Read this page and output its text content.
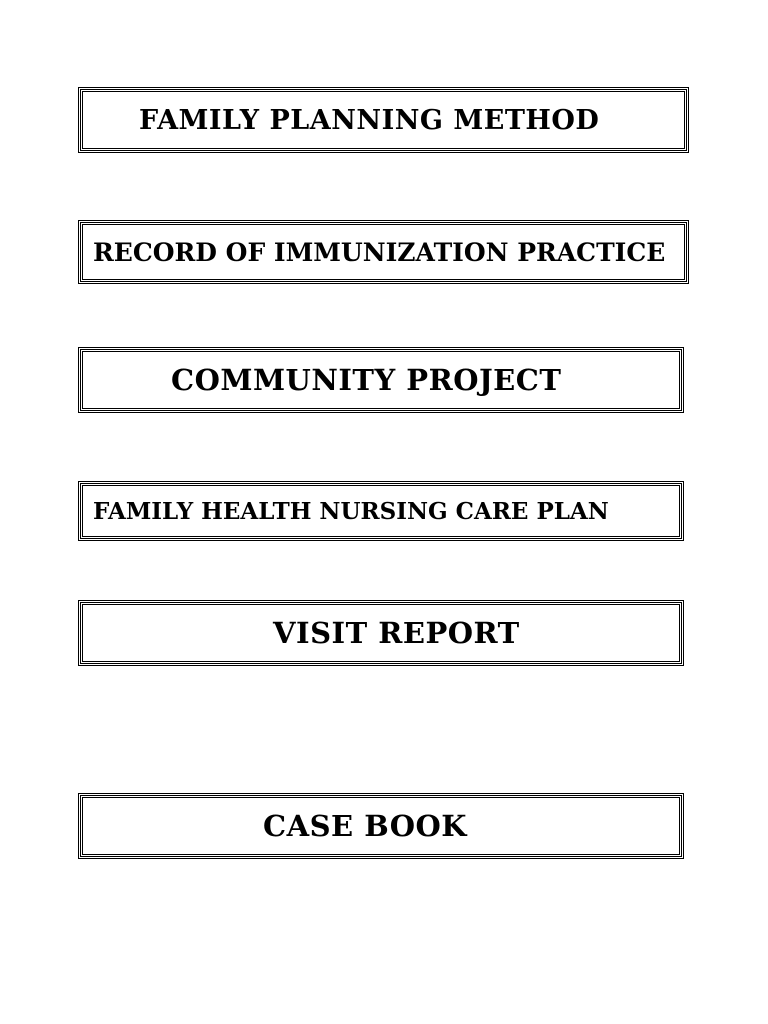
FAMILY PLANNING METHOD
RECORD OF IMMUNIZATION PRACTICE
COMMUNITY PROJECT
FAMILY HEALTH NURSING CARE PLAN
VISIT REPORT
CASE BOOK
